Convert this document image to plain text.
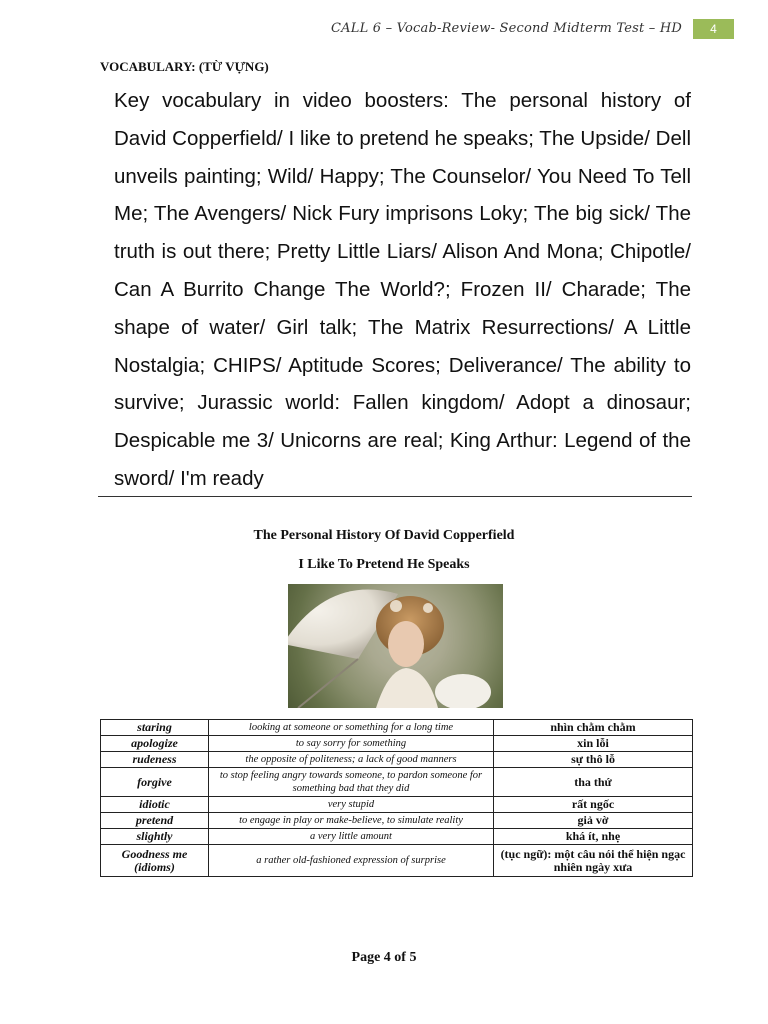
CALL 6 – Vocab-Review- Second Midterm Test – HD	4
VOCABULARY: (TỪ VỰNG)
Key vocabulary in video boosters: The personal history of David Copperfield/ I like to pretend he speaks; The Upside/ Dell unveils painting; Wild/ Happy; The Counselor/ You Need To Tell Me; The Avengers/ Nick Fury imprisons Loky; The big sick/ The truth is out there; Pretty Little Liars/ Alison And Mona; Chipotle/ Can A Burrito Change The World?; Frozen II/ Charade; The shape of water/ Girl talk; The Matrix Resurrections/ A Little Nostalgia; CHIPS/ Aptitude Scores; Deliverance/ The ability to survive; Jurassic world: Fallen kingdom/ Adopt a dinosaur; Despicable me 3/ Unicorns are real; King Arthur: Legend of the sword/ I'm ready
The Personal History Of David Copperfield
I Like To Pretend He Speaks
staring	looking at someone or something for a long time	nhìn chằm chằm
apologize	to say sorry for something	xin lỗi
rudeness	the opposite of politeness; a lack of good manners	sự thô lỗ
forgive	to stop feeling angry towards someone, to pardon someone for something bad that they did	tha thứ
idiotic	very stupid	rất ngốc
pretend	to engage in play or make-believe, to simulate reality	giả vờ
slightly	a very little amount	khá ít, nhẹ
Goodness me (idioms)	a rather old-fashioned expression of surprise	(tục ngữ): một câu nói thể hiện ngạc nhiên ngày xưa
Page 4 of 5
